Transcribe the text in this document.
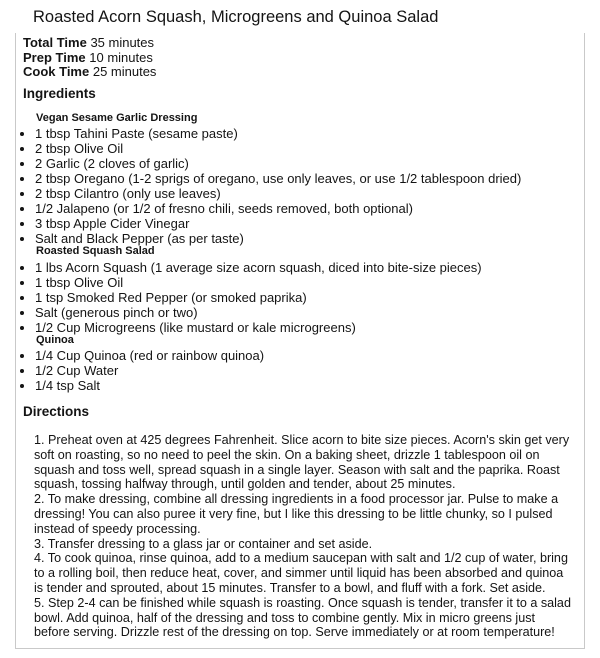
Roasted Acorn Squash, Microgreens and Quinoa Salad
Total Time 35 minutes
Prep Time 10 minutes
Cook Time 25 minutes
Ingredients
Vegan Sesame Garlic Dressing
• 1 tbsp Tahini Paste (sesame paste)
• 2 tbsp Olive Oil
• 2 Garlic (2 cloves of garlic)
• 2 tbsp Oregano (1-2 sprigs of oregano, use only leaves, or use 1/2 tablespoon dried)
• 2 tbsp Cilantro (only use leaves)
• 1/2 Jalapeno (or 1/2 of fresno chili, seeds removed, both optional)
• 3 tbsp Apple Cider Vinegar
• Salt and Black Pepper (as per taste)
Roasted Squash Salad
• 1 lbs Acorn Squash (1 average size acorn squash, diced into bite-size pieces)
• 1 tbsp Olive Oil
• 1 tsp Smoked Red Pepper (or smoked paprika)
• Salt (generous pinch or two)
• 1/2 Cup Microgreens (like mustard or kale microgreens)
Quinoa
• 1/4 Cup Quinoa (red or rainbow quinoa)
• 1/2 Cup Water
• 1/4 tsp Salt
Directions

1. Preheat oven at 425 degrees Fahrenheit. Slice acorn to bite size pieces. Acorn's skin get very soft on roasting, so no need to peel the skin. On a baking sheet, drizzle 1 tablespoon oil on squash and toss well, spread squash in a single layer. Season with salt and the paprika. Roast squash, tossing halfway through, until golden and tender, about 25 minutes.

2. To make dressing, combine all dressing ingredients in a food processor jar. Pulse to make a dressing! You can also puree it very fine, but I like this dressing to be little chunky, so I pulsed instead of speedy processing.

3. Transfer dressing to a glass jar or container and set aside.

4. To cook quinoa, rinse quinoa, add to a medium saucepan with salt and 1/2 cup of water, bring to a rolling boil, then reduce heat, cover, and simmer until liquid has been absorbed and quinoa is tender and sprouted, about 15 minutes. Transfer to a bowl, and fluff with a fork. Set aside.

5. Step 2-4 can be finished while squash is roasting. Once squash is tender, transfer it to a salad bowl. Add quinoa, half of the dressing and toss to combine gently. Mix in micro greens just before serving. Drizzle rest of the dressing on top. Serve immediately or at room temperature!
